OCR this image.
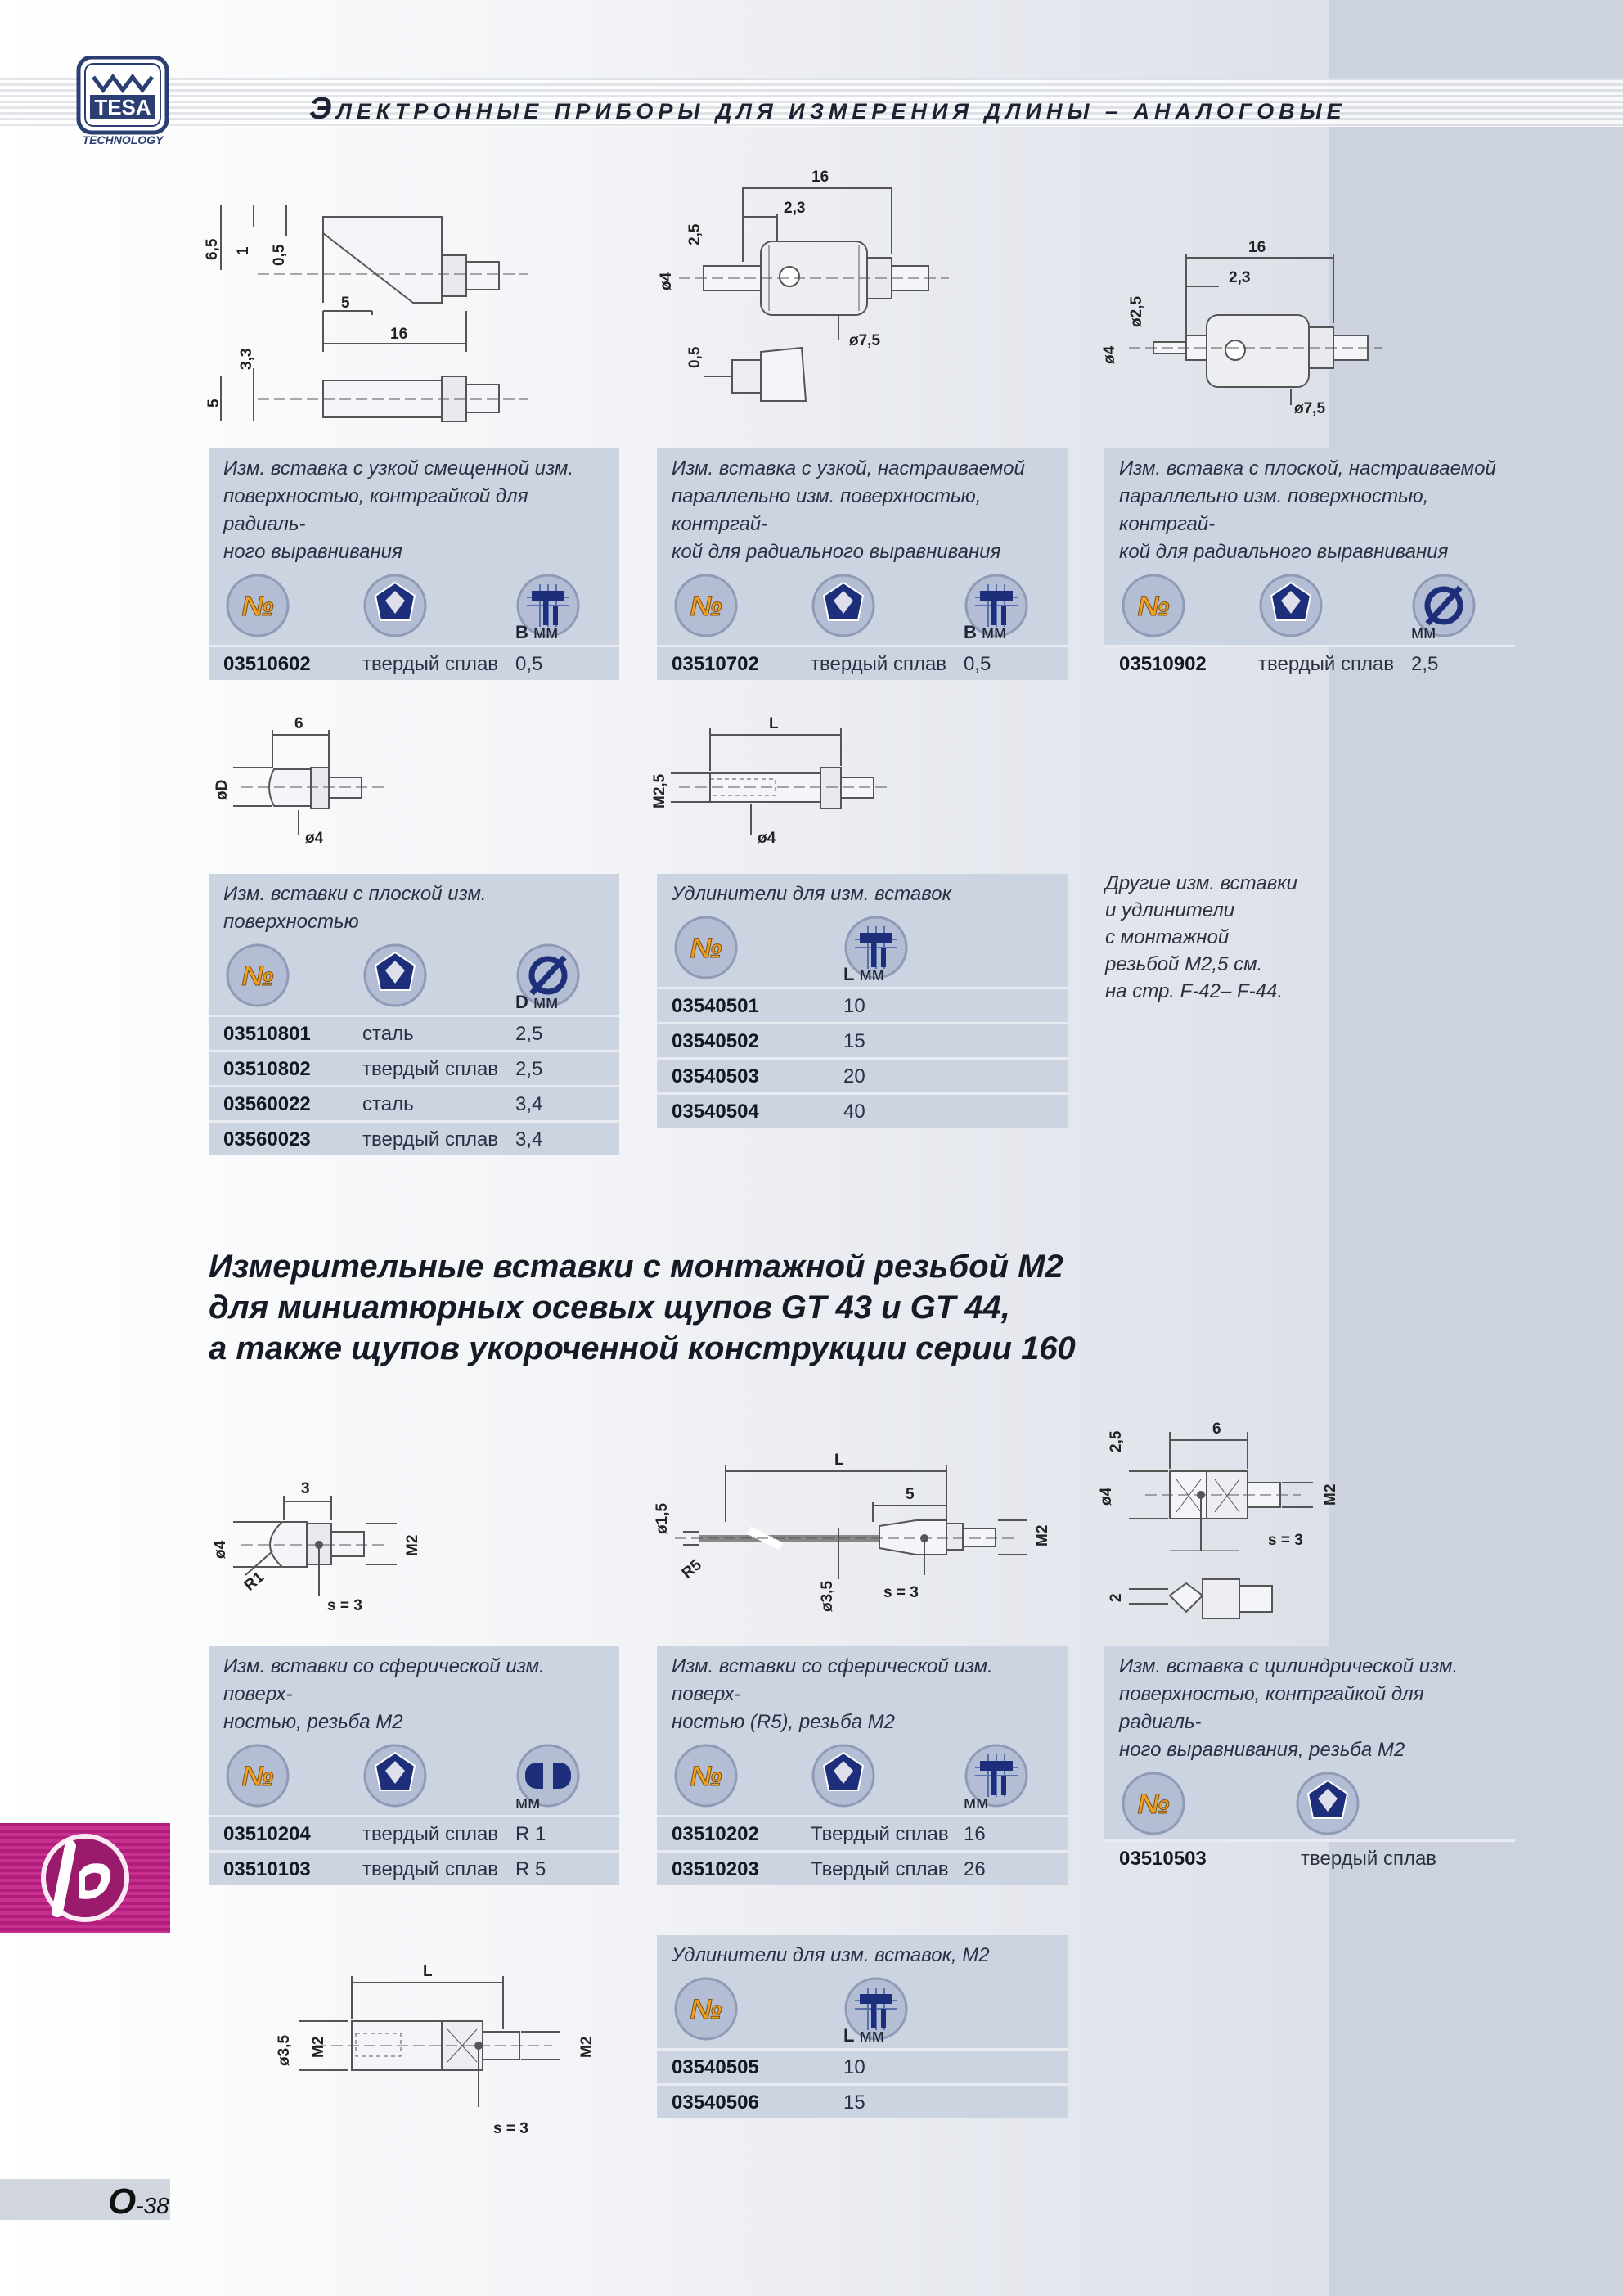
TESA
TECHNOLOGY
ЭЛЕКТРОННЫЕ ПРИБОРЫ ДЛЯ ИЗМЕРЕНИЯ ДЛИНЫ – АНАЛОГОВЫЕ
6,5 1 0,5
5
16
3,3
5
16
2,3
2,5
ø4
ø7,5
0,5
16
2,3
ø2,5
ø4
ø7,5
Изм. вставка с узкой смещенной изм.
поверхностью, контргайкой для радиаль-
ного выравнивания
№
B мм
03510602	твердый сплав 0,5
Изм. вставка с узкой, настраиваемой
параллельно изм. поверхностью, контргай-
кой для радиального выравнивания
№
B мм
03510702	твердый сплав 0,5
Изм. вставка с плоской, настраиваемой
параллельно изм. поверхностью, контргай-
кой для радиального выравнивания
№
мм
03510902	твердый сплав 2,5
6
øD
ø4
L
M2,5
ø4
Изм. вставки с плоской изм. поверхностью
№
D мм
03510801	сталь	2,5
03510802	твердый сплав 2,5
03560022	сталь	3,4
03560023	твердый сплав 3,4
Удлинители для изм. вставок
№
L мм
03540501	10
03540502	15
03540503	20
03540504	40
Другие изм. вставки
и удлинители
с монтажной
резьбой М2,5 см.
на стр. F-42– F-44.
Измерительные вставки с монтажной резьбой М2
для миниатюрных осевых щупов GT 43 и GT 44,
а также щупов укороченной конструкции серии 160
3
ø4
R1
M2
s = 3
L
5
ø1,5
R5
ø3,5	s = 3
M2
2,5
6
ø4	M2
s = 3
2
Изм. вставки со сферической изм. поверх-
ностью, резьба М2
№
мм
03510204	твердый сплав R 1
03510103	твердый сплав R 5
Изм. вставки со сферической изм. поверх-
ностью (R5), резьба М2
№
мм
03510202	Твердый сплав 16
03510203	Твердый сплав 26
Изм. вставка с цилиндрической изм.
поверхностью, контргайкой для радиаль-
ного выравнивания, резьба М2
№
03510503	твердый сплав
L
ø3,5 M2	M2
s = 3
Удлинители для изм. вставок, М2
№
L мм
03540505	10
03540506	15
O-38
